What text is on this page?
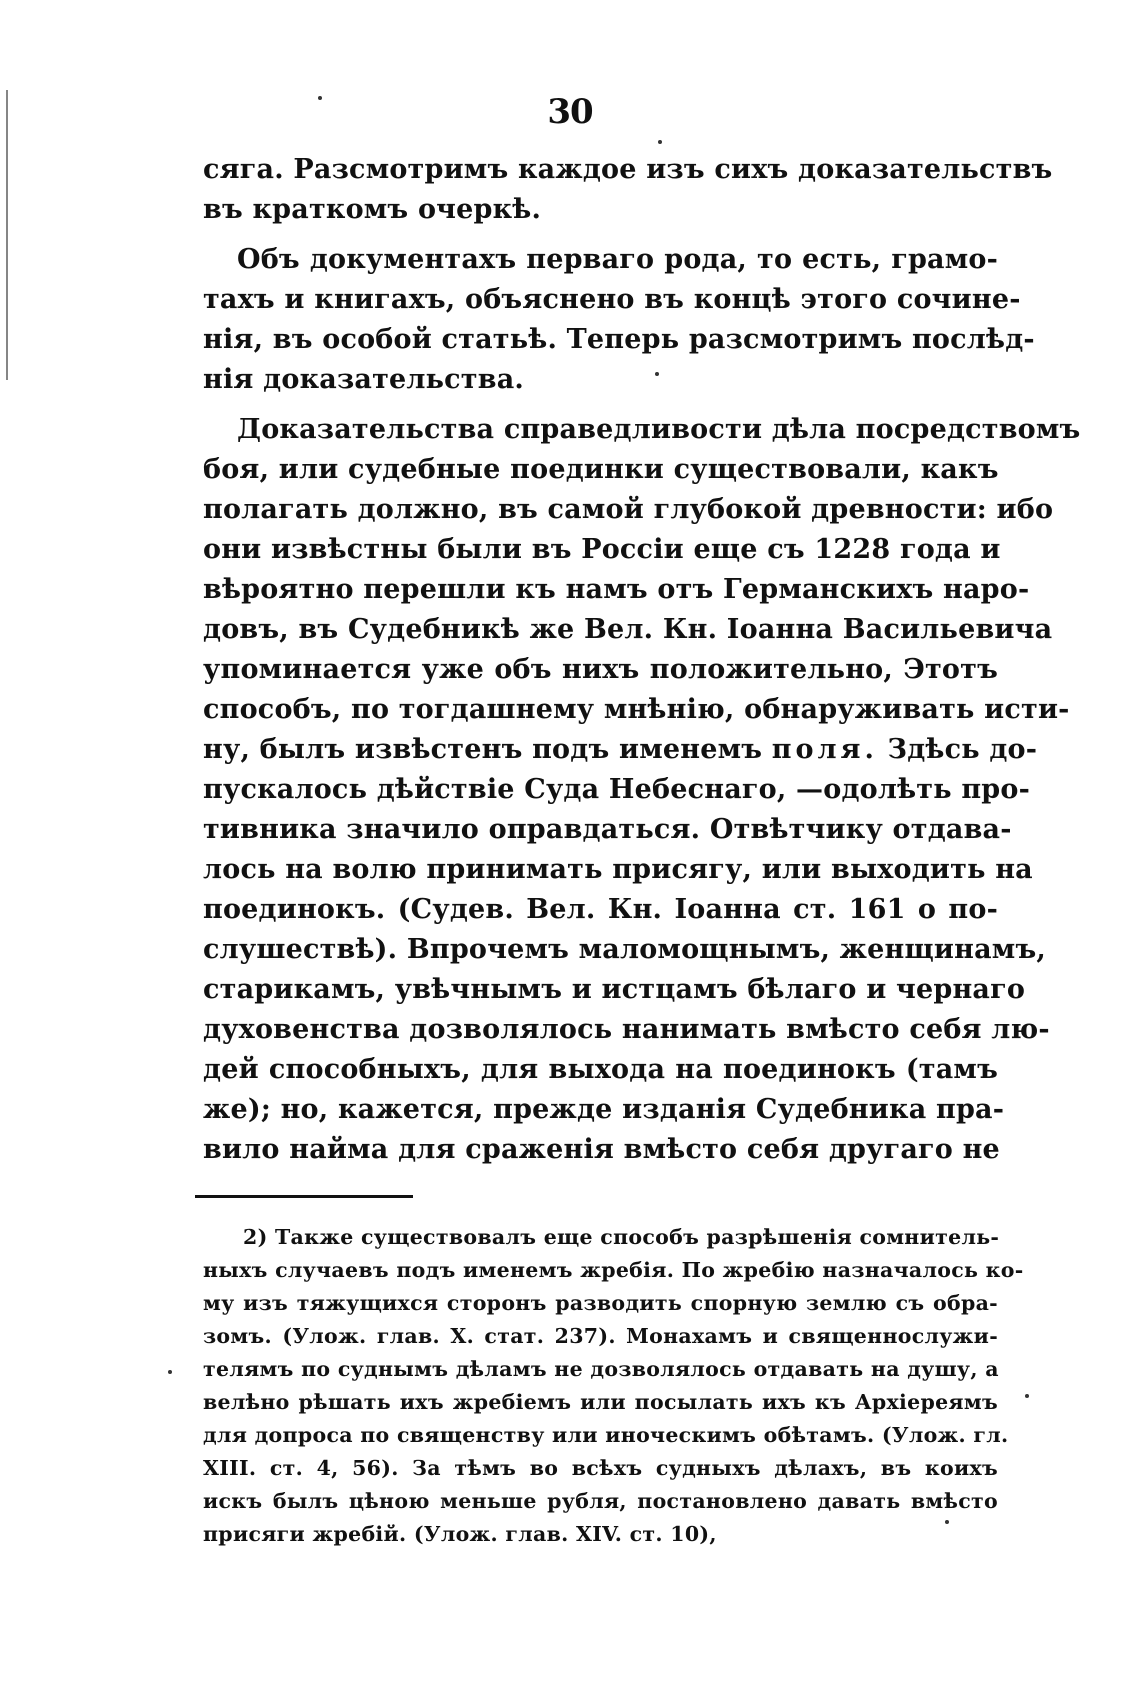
30
сяга. Разсмотримъ каждое изъ сихъ доказательствъ
въ краткомъ очеркѣ.
Объ документахъ перваго рода, то есть, грамо-
тахъ и книгахъ, объяснено въ концѣ этого сочине-
нія, въ особой статьѣ. Теперь разсмотримъ послѣд-
нія доказательства.
Доказательства справедливости дѣла посредствомъ
боя, или судебные поединки существовали, какъ
полагать должно, въ самой глубокой древности: ибо
они извѣстны были въ Россіи еще съ 1228 года и
вѣроятно перешли къ намъ отъ Германскихъ наро-
довъ, въ Судебникѣ же Вел. Кн. Іоанна Васильевича
упоминается уже объ нихъ положительно, Этотъ
способъ, по тогдашнему мнѣнію, обнаруживать исти-
ну, былъ извѣстенъ подъ именемъ поля. Здѣсь до-
пускалось дѣйствіе Суда Небеснаго, —одолѣть про-
тивника значило оправдаться. Отвѣтчику отдава-
лось на волю принимать присягу, или выходить на
поединокъ. (Судев. Вел. Кн. Іоанна ст. 161 о по-
слушествѣ). Впрочемъ маломощнымъ, женщинамъ,
старикамъ, увѣчнымъ и истцамъ бѣлаго и чернаго
духовенства дозволялось нанимать вмѣсто себя лю-
дей способныхъ, для выхода на поединокъ (тамъ
же); но, кажется, прежде изданія Судебника пра-
вило найма для сраженія вмѣсто себя другаго не
2) Также существовалъ еще способъ разрѣшенія сомнитель-
ныхъ случаевъ подъ именемъ жребія. По жребію назначалось ко-
му изъ тяжущихся сторонъ разводить спорную землю съ обра-
зомъ. (Улож. глав. X. стат. 237). Монахамъ и священнослужи-
телямъ по суднымъ дѣламъ не дозволялось отдавать на душу, а
велѣно рѣшать ихъ жребіемъ или посылать ихъ къ Архіереямъ
для допроса по священству или иноческимъ обѣтамъ. (Улож. гл.
XIII. ст. 4, 56). За тѣмъ во всѣхъ судныхъ дѣлахъ, въ коихъ
искъ былъ цѣною меньше рубля, постановлено давать вмѣсто
присяги жребій. (Улож. глав. XIV. ст. 10),
